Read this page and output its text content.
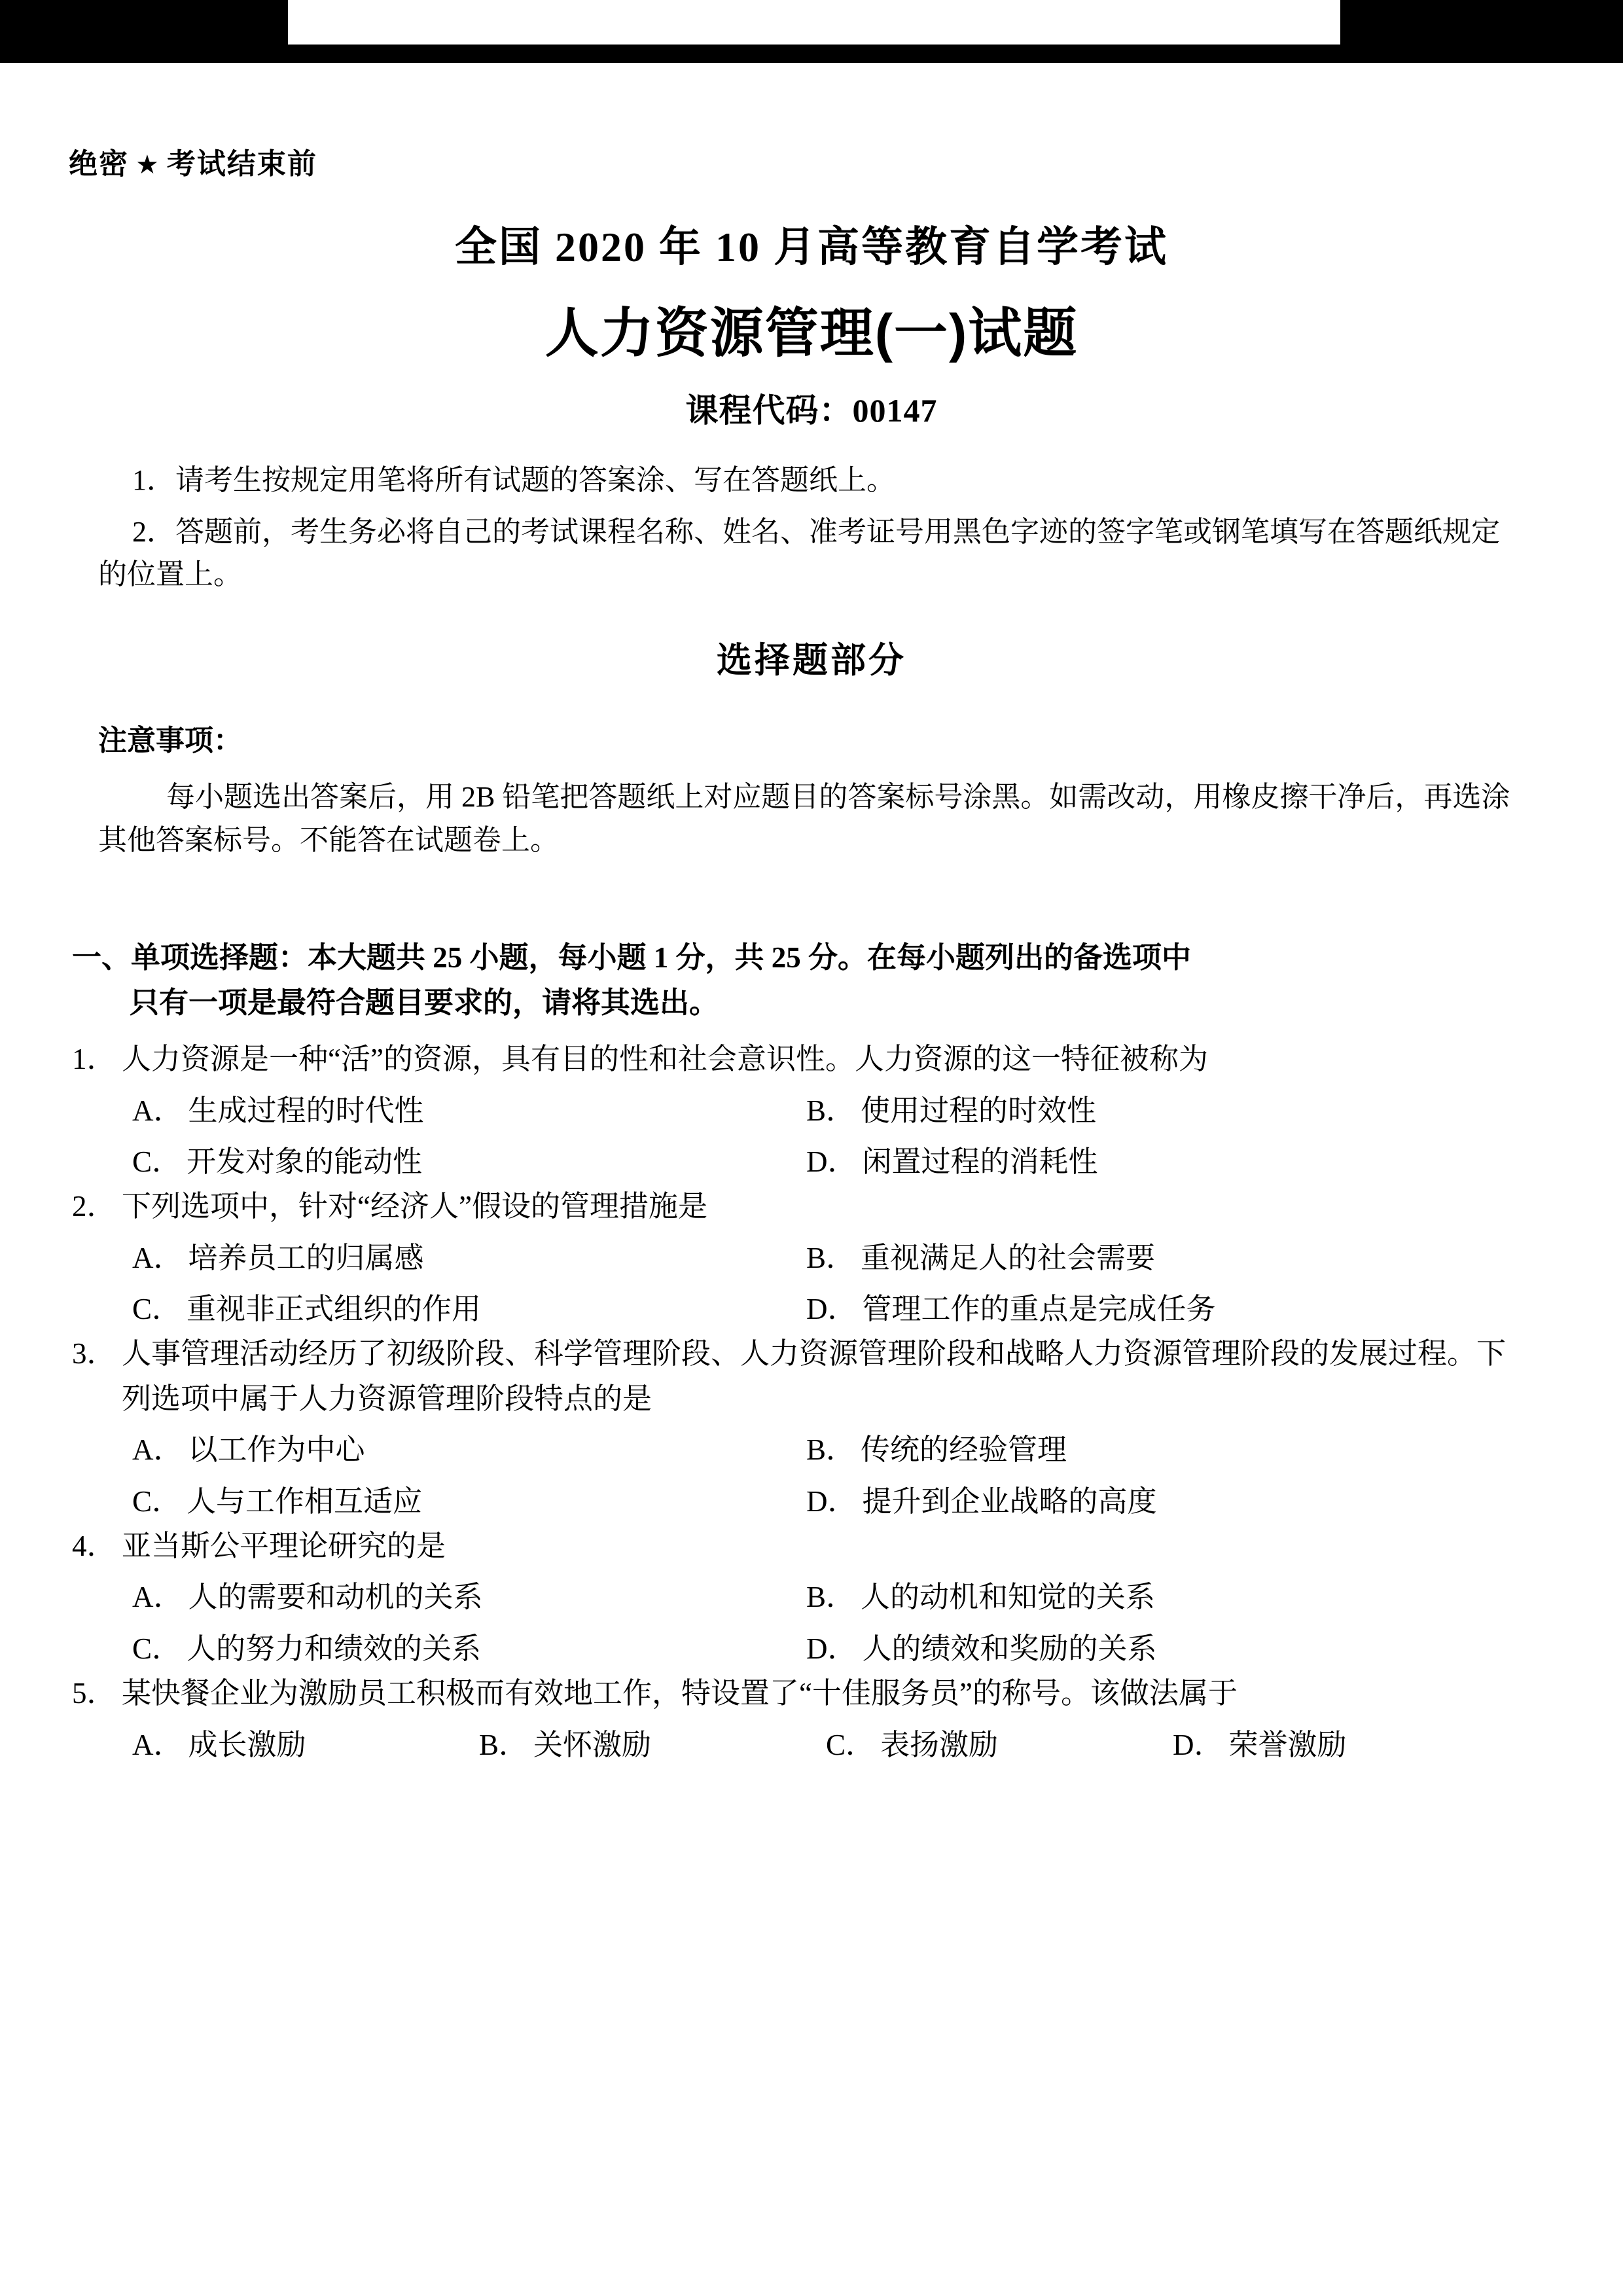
绝密 ★ 考试结束前
全国 2020 年 10 月高等教育自学考试
人力资源管理(一)试题
课程代码：00147
1．请考生按规定用笔将所有试题的答案涂、写在答题纸上。
2．答题前，考生务必将自己的考试课程名称、姓名、准考证号用黑色字迹的签字笔或钢笔填写在答题纸规定的位置上。
选择题部分
注意事项：
每小题选出答案后，用 2B 铅笔把答题纸上对应题目的答案标号涂黑。如需改动，用橡皮擦干净后，再选涂其他答案标号。不能答在试题卷上。
一、单项选择题：本大题共 25 小题，每小题 1 分，共 25 分。在每小题列出的备选项中
只有一项是最符合题目要求的，请将其选出。
1． 人力资源是一种“活”的资源，具有目的性和社会意识性。人力资源的这一特征被称为
A． 生成过程的时代性	B． 使用过程的时效性
C． 开发对象的能动性	D． 闲置过程的消耗性
2． 下列选项中，针对“经济人”假设的管理措施是
A． 培养员工的归属感	B． 重视满足人的社会需要
C． 重视非正式组织的作用	D． 管理工作的重点是完成任务
3． 人事管理活动经历了初级阶段、科学管理阶段、人力资源管理阶段和战略人力资源管理阶段的发展过程。下列选项中属于人力资源管理阶段特点的是
A． 以工作为中心	B． 传统的经验管理
C． 人与工作相互适应	D． 提升到企业战略的高度
4． 亚当斯公平理论研究的是
A． 人的需要和动机的关系	B． 人的动机和知觉的关系
C． 人的努力和绩效的关系	D． 人的绩效和奖励的关系
5． 某快餐企业为激励员工积极而有效地工作，特设置了“十佳服务员”的称号。该做法属于
A． 成长激励	B． 关怀激励	C． 表扬激励	D． 荣誉激励
